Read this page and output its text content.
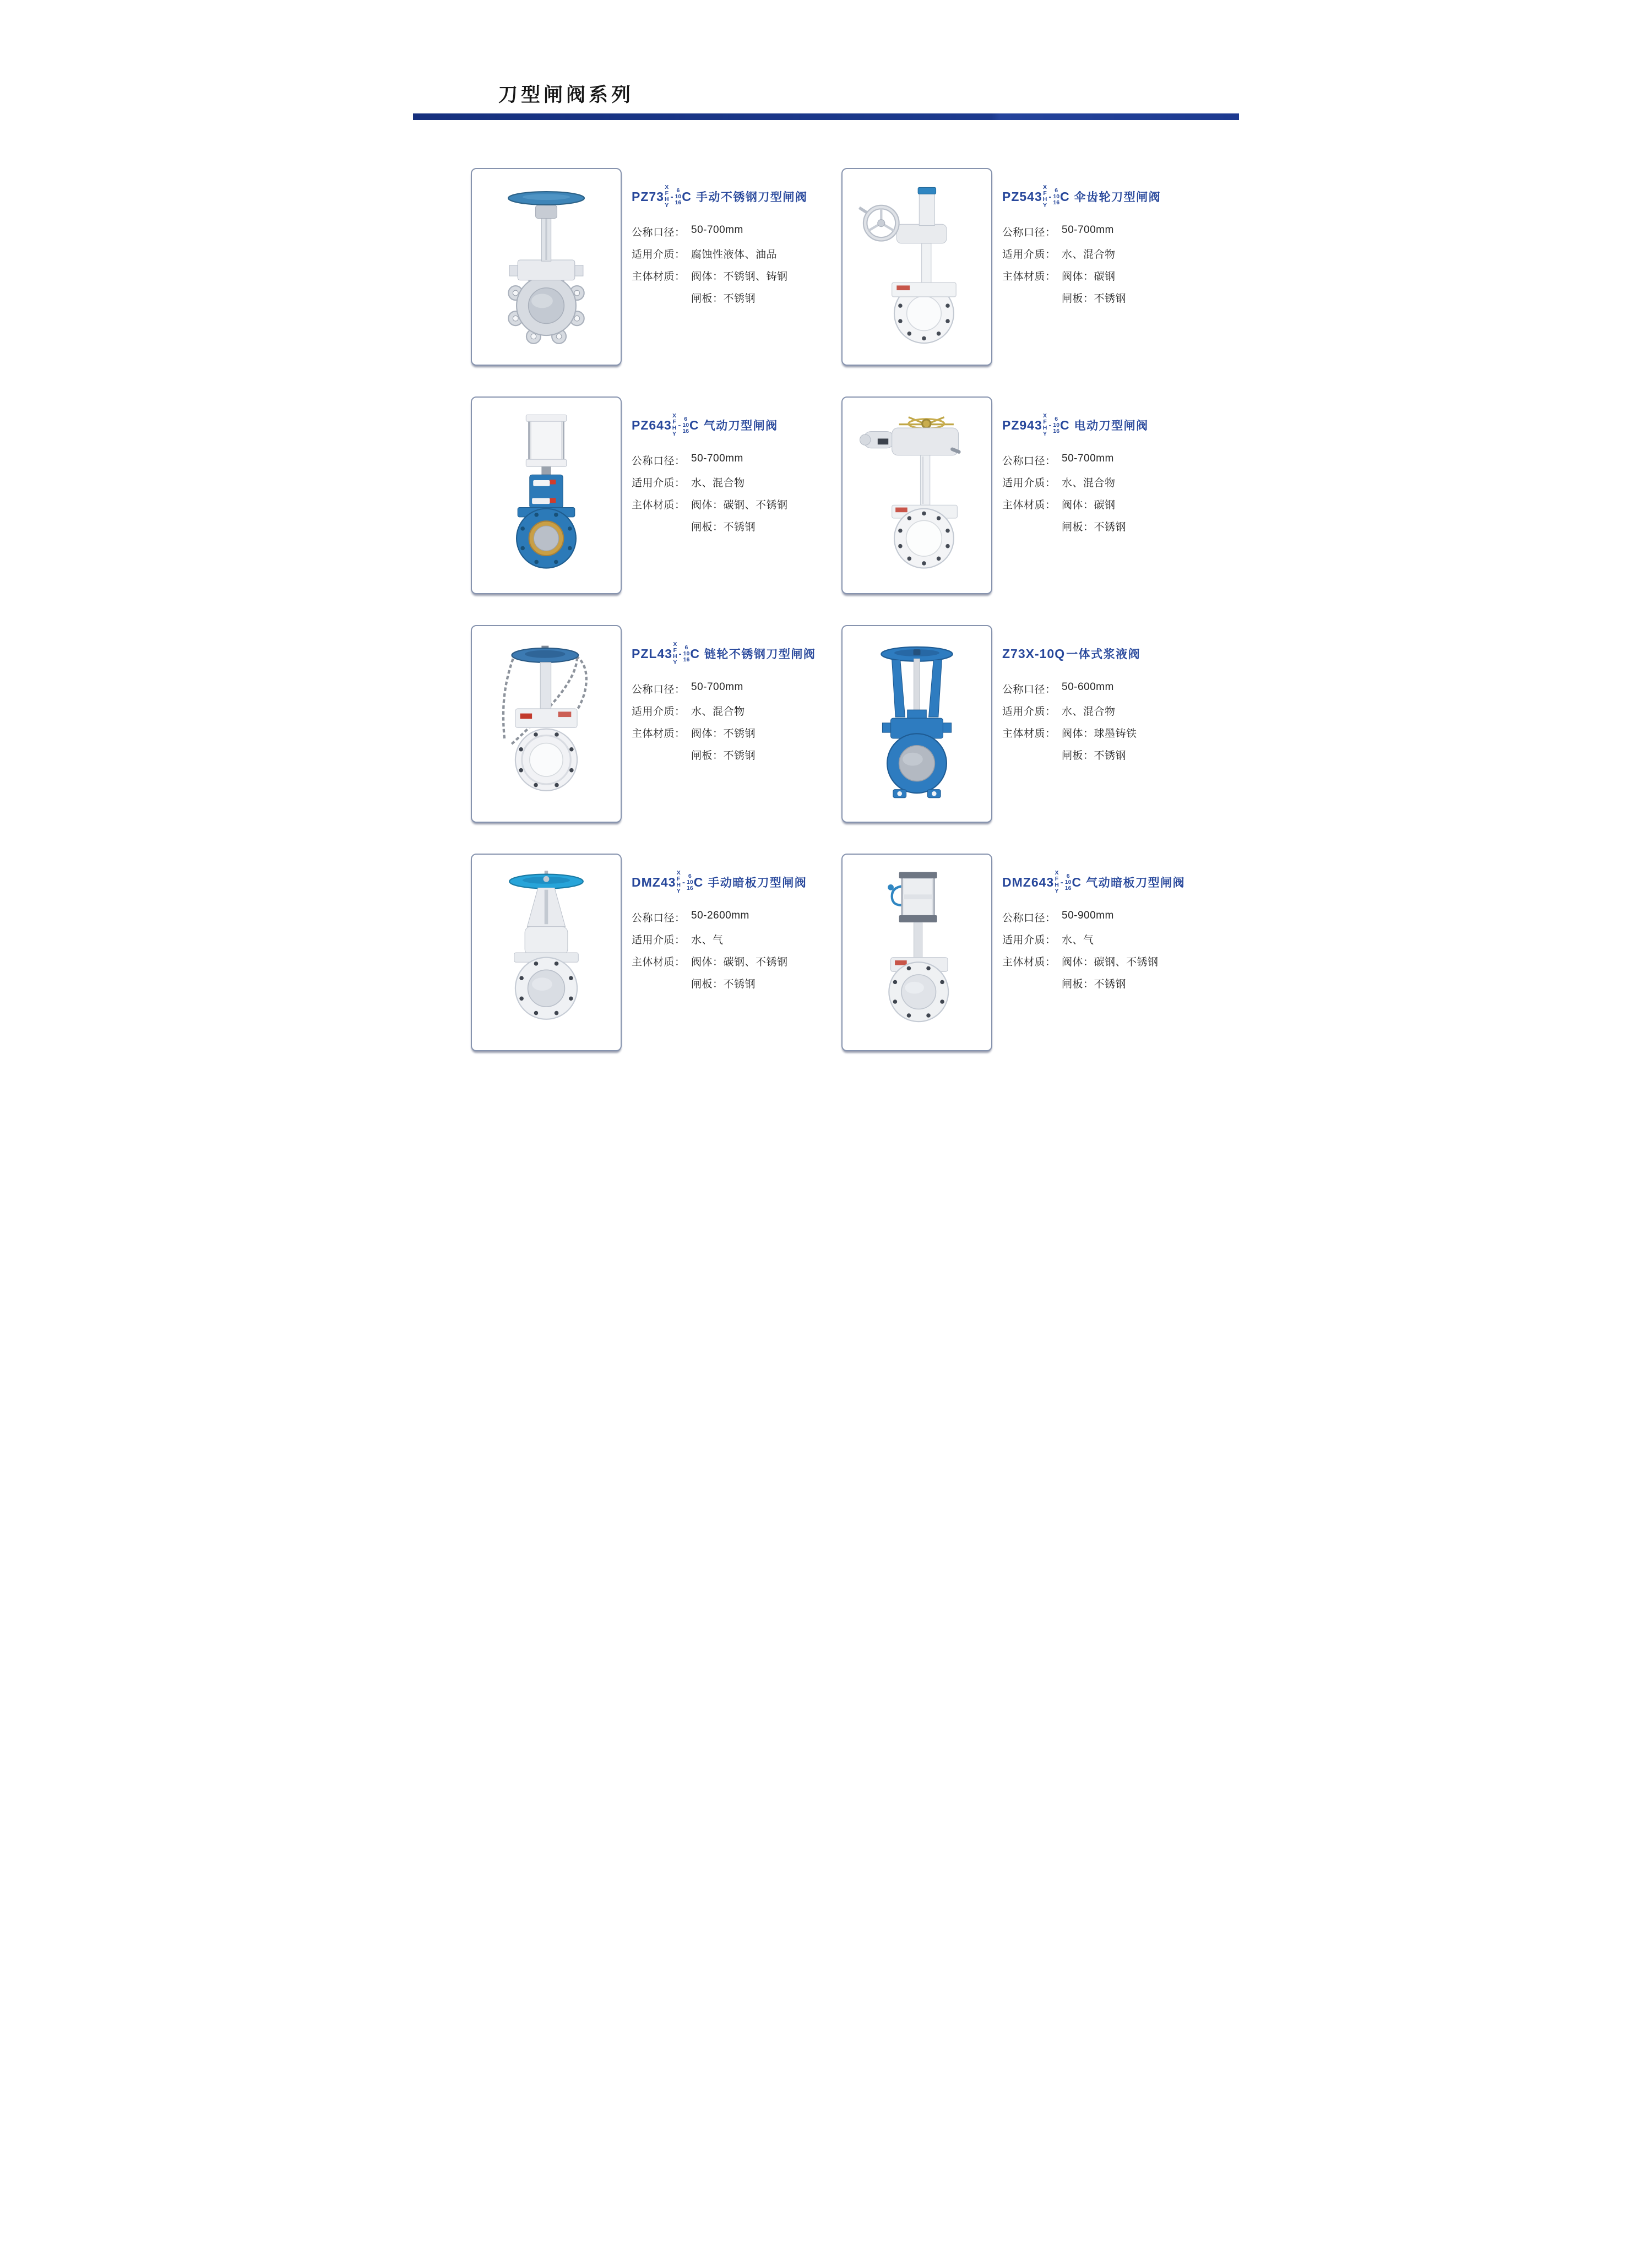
刀型闸阀系列
PZ73
X
F
H
Y
-
6
10
16 C 手动不锈钢刀型闸阀
公称口径： 50-700mm
适用介质： 腐蚀性液体、油品
主体材质： 阀体：不锈钢、铸钢
闸板：不锈钢
PZ543
X
F
H
Y
-
6
10
16 C 伞齿轮刀型闸阀
公称口径： 50-700mm
适用介质： 水、混合物
主体材质： 阀体：碳钢
闸板：不锈钢
PZ643
X
F
H
Y
-
6
10
16 C 气动刀型闸阀
公称口径： 50-700mm
适用介质： 水、混合物
主体材质： 阀体：碳钢、不锈钢
闸板：不锈钢
PZ943
X
F
H
Y
-
6
10
16 C 电动刀型闸阀
公称口径： 50-700mm
适用介质： 水、混合物
主体材质： 阀体：碳钢
闸板：不锈钢
PZL43
X
F
H
Y
-
6
10
16 C 链轮不锈钢刀型闸阀
公称口径： 50-700mm
适用介质： 水、混合物
主体材质： 阀体：不锈钢
闸板：不锈钢
Z73X-10Q 一体式浆液阀
公称口径： 50-600mm
适用介质： 水、混合物
主体材质： 阀体：球墨铸铁
闸板：不锈钢
DMZ43
X
F
H
Y
-
6
10
16 C 手动暗板刀型闸阀
公称口径： 50-2600mm
适用介质： 水、气
主体材质： 阀体：碳钢、不锈钢
闸板：不锈钢
DMZ643
X
F
H
Y
-
6
10
16 C 气动暗板刀型闸阀
公称口径： 50-900mm
适用介质： 水、气
主体材质： 阀体：碳钢、不锈钢
闸板：不锈钢
